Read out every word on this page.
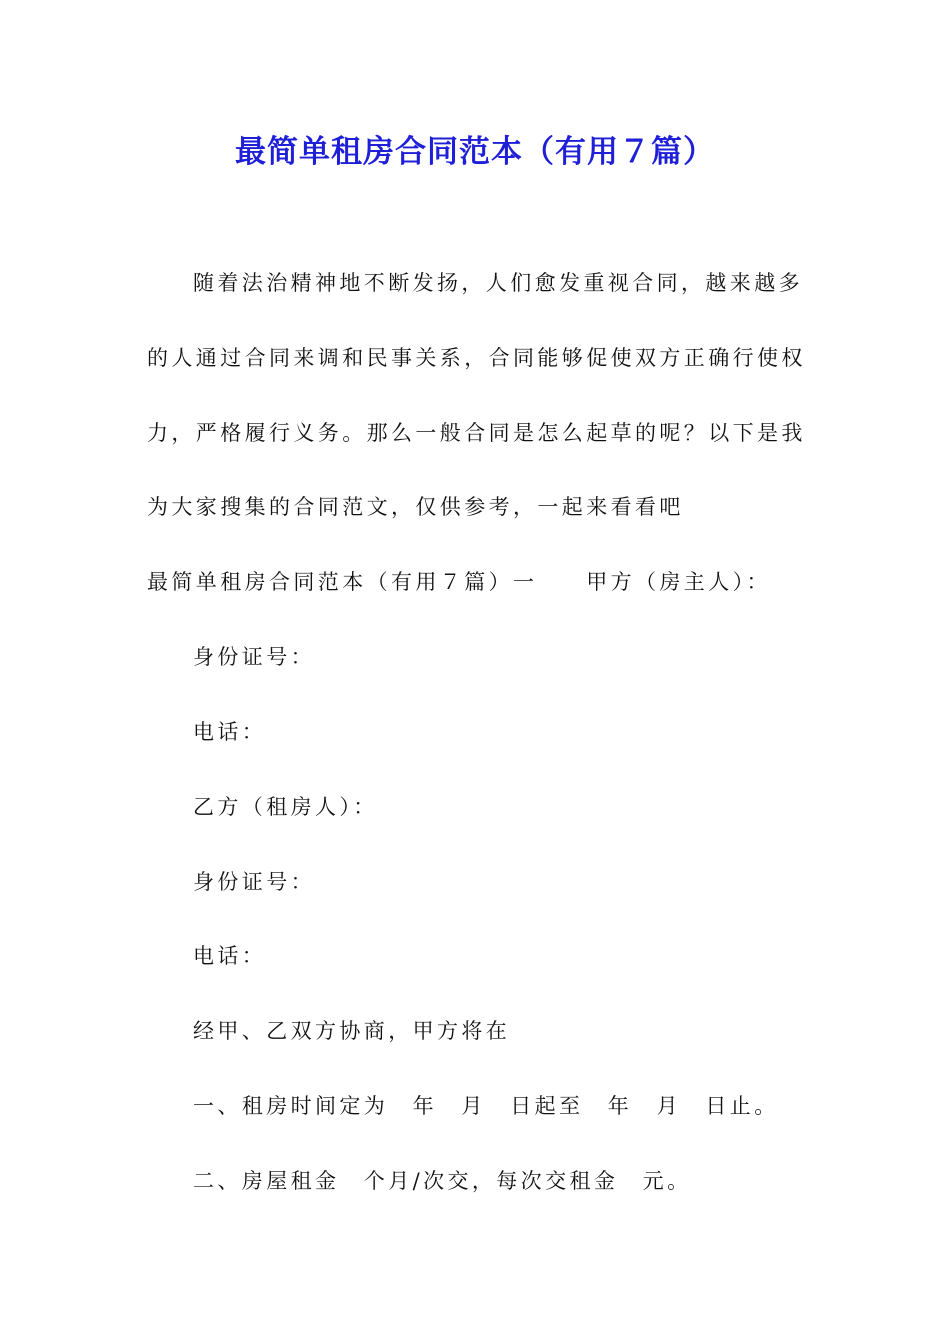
最简单租房合同范本（有用７篇）
随着法治精神地不断发扬，人们愈发重视合同，越来越多
的人通过合同来调和民事关系，合同能够促使双方正确行使权
力，严格履行义务。那么一般合同是怎么起草的呢？以下是我
为大家搜集的合同范文，仅供参考，一起来看看吧
最简单租房合同范本（有用７篇）一　　甲方（房主人）：
身份证号：
电话：
乙方（租房人）：
身份证号：
电话：
经甲、乙双方协商，甲方将在
一、租房时间定为　年　月　日起至　年　月　日止。
二、房屋租金　个月/次交，每次交租金　元。
